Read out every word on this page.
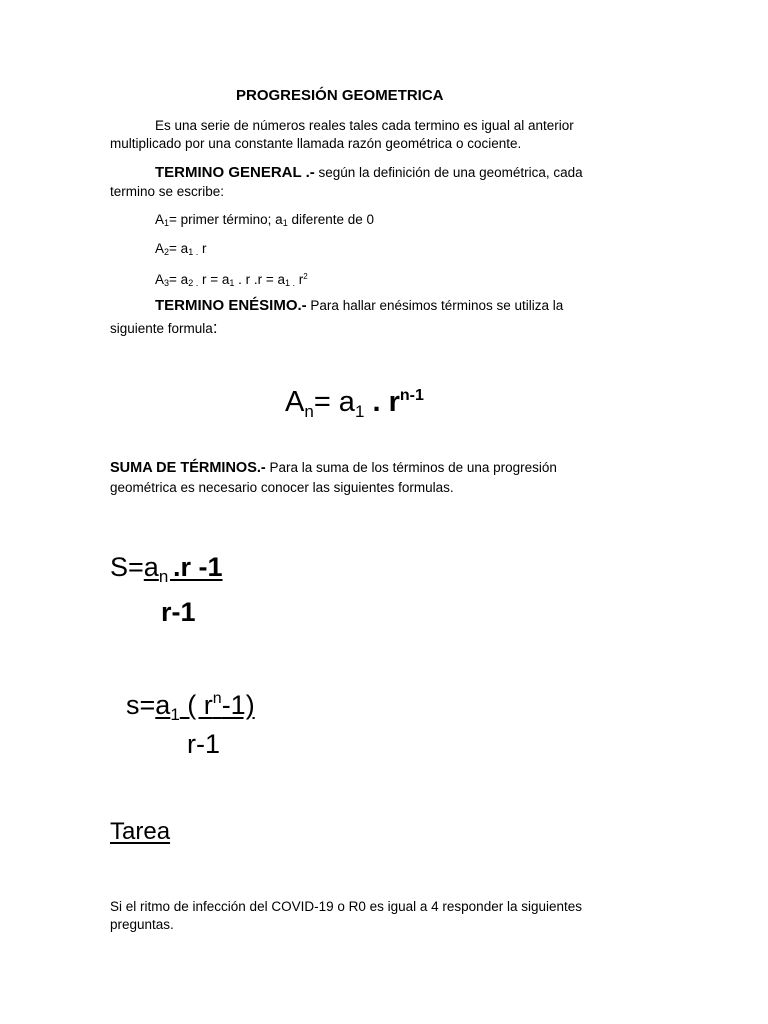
PROGRESIÓN GEOMETRICA
Es una serie de números reales tales cada termino es igual al anterior
multiplicado por una constante llamada razón geométrica o cociente.
TERMINO GENERAL .- según la definición de una geométrica, cada
termino se escribe:
A1= primer término; a1 diferente de 0
A2= a1 . r
A3= a2 . r = a1 . r .r = a1 . $r^2$
TERMINO ENÉSIMO.- Para hallar enésimos términos se utiliza la
siguiente formula:
$A_n= a_1$ . $r^{n-1}$
SUMA DE TÉRMINOS.- Para la suma de los términos de una progresión
geométrica es necesario conocer las siguientes formulas.
$S=a_n$ .r -1
r-1
$s=a_1$ ( $r^n-1$)
r-1
Tarea
Si el ritmo de infección del COVID-19 o R0 es igual a 4 responder la siguientes
preguntas.
